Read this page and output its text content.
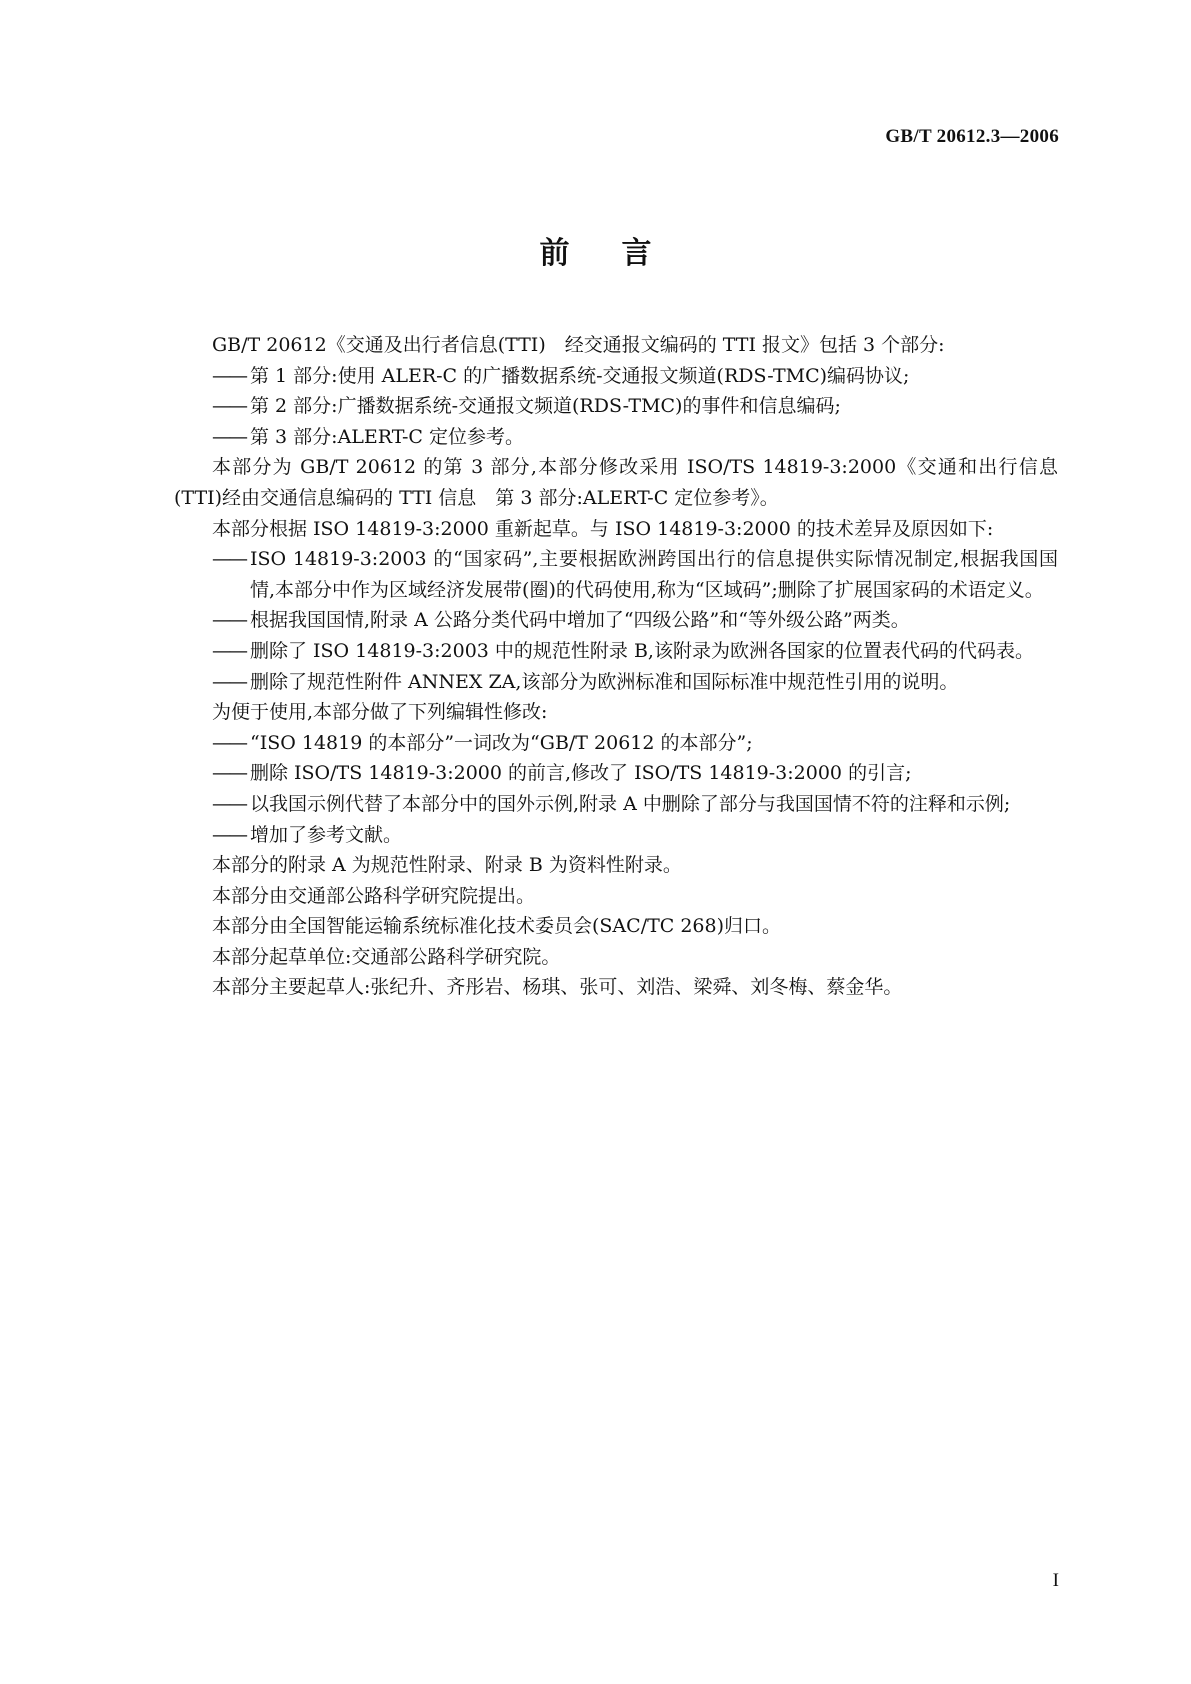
GB/T 20612.3—2006
前言

GB/T 20612《交通及出行者信息(TTI)　经交通报文编码的 TTI 报文》包括 3 个部分:

—— 第 1 部分:使用 ALER-C 的广播数据系统-交通报文频道(RDS-TMC)编码协议;

—— 第 2 部分:广播数据系统-交通报文频道(RDS-TMC)的事件和信息编码;

—— 第 3 部分:ALERT-C 定位参考。

本部分为 GB/T 20612 的第 3 部分,本部分修改采用 ISO/TS 14819-3:2000《交通和出行信息(TTI)经由交通信息编码的 TTI 信息　第 3 部分:ALERT-C 定位参考》。

本部分根据 ISO 14819-3:2000 重新起草。与 ISO 14819-3:2000 的技术差异及原因如下:

—— ISO 14819-3:2003 的“国家码”,主要根据欧洲跨国出行的信息提供实际情况制定,根据我国国情,本部分中作为区域经济发展带(圈)的代码使用,称为“区域码”;删除了扩展国家码的术语定义。

—— 根据我国国情,附录 A 公路分类代码中增加了“四级公路”和“等外级公路”两类。

—— 删除了 ISO 14819-3:2003 中的规范性附录 B,该附录为欧洲各国家的位置表代码的代码表。

—— 删除了规范性附件 ANNEX ZA,该部分为欧洲标准和国际标准中规范性引用的说明。

为便于使用,本部分做了下列编辑性修改:

—— “ISO 14819 的本部分”一词改为“GB/T 20612 的本部分”;

—— 删除 ISO/TS 14819-3:2000 的前言,修改了 ISO/TS 14819-3:2000 的引言;

—— 以我国示例代替了本部分中的国外示例,附录 A 中删除了部分与我国国情不符的注释和示例;

—— 增加了参考文献。

本部分的附录 A 为规范性附录、附录 B 为资料性附录。

本部分由交通部公路科学研究院提出。

本部分由全国智能运输系统标准化技术委员会(SAC/TC 268)归口。

本部分起草单位:交通部公路科学研究院。

本部分主要起草人:张纪升、齐彤岩、杨琪、张可、刘浩、梁舜、刘冬梅、蔡金华。

I
